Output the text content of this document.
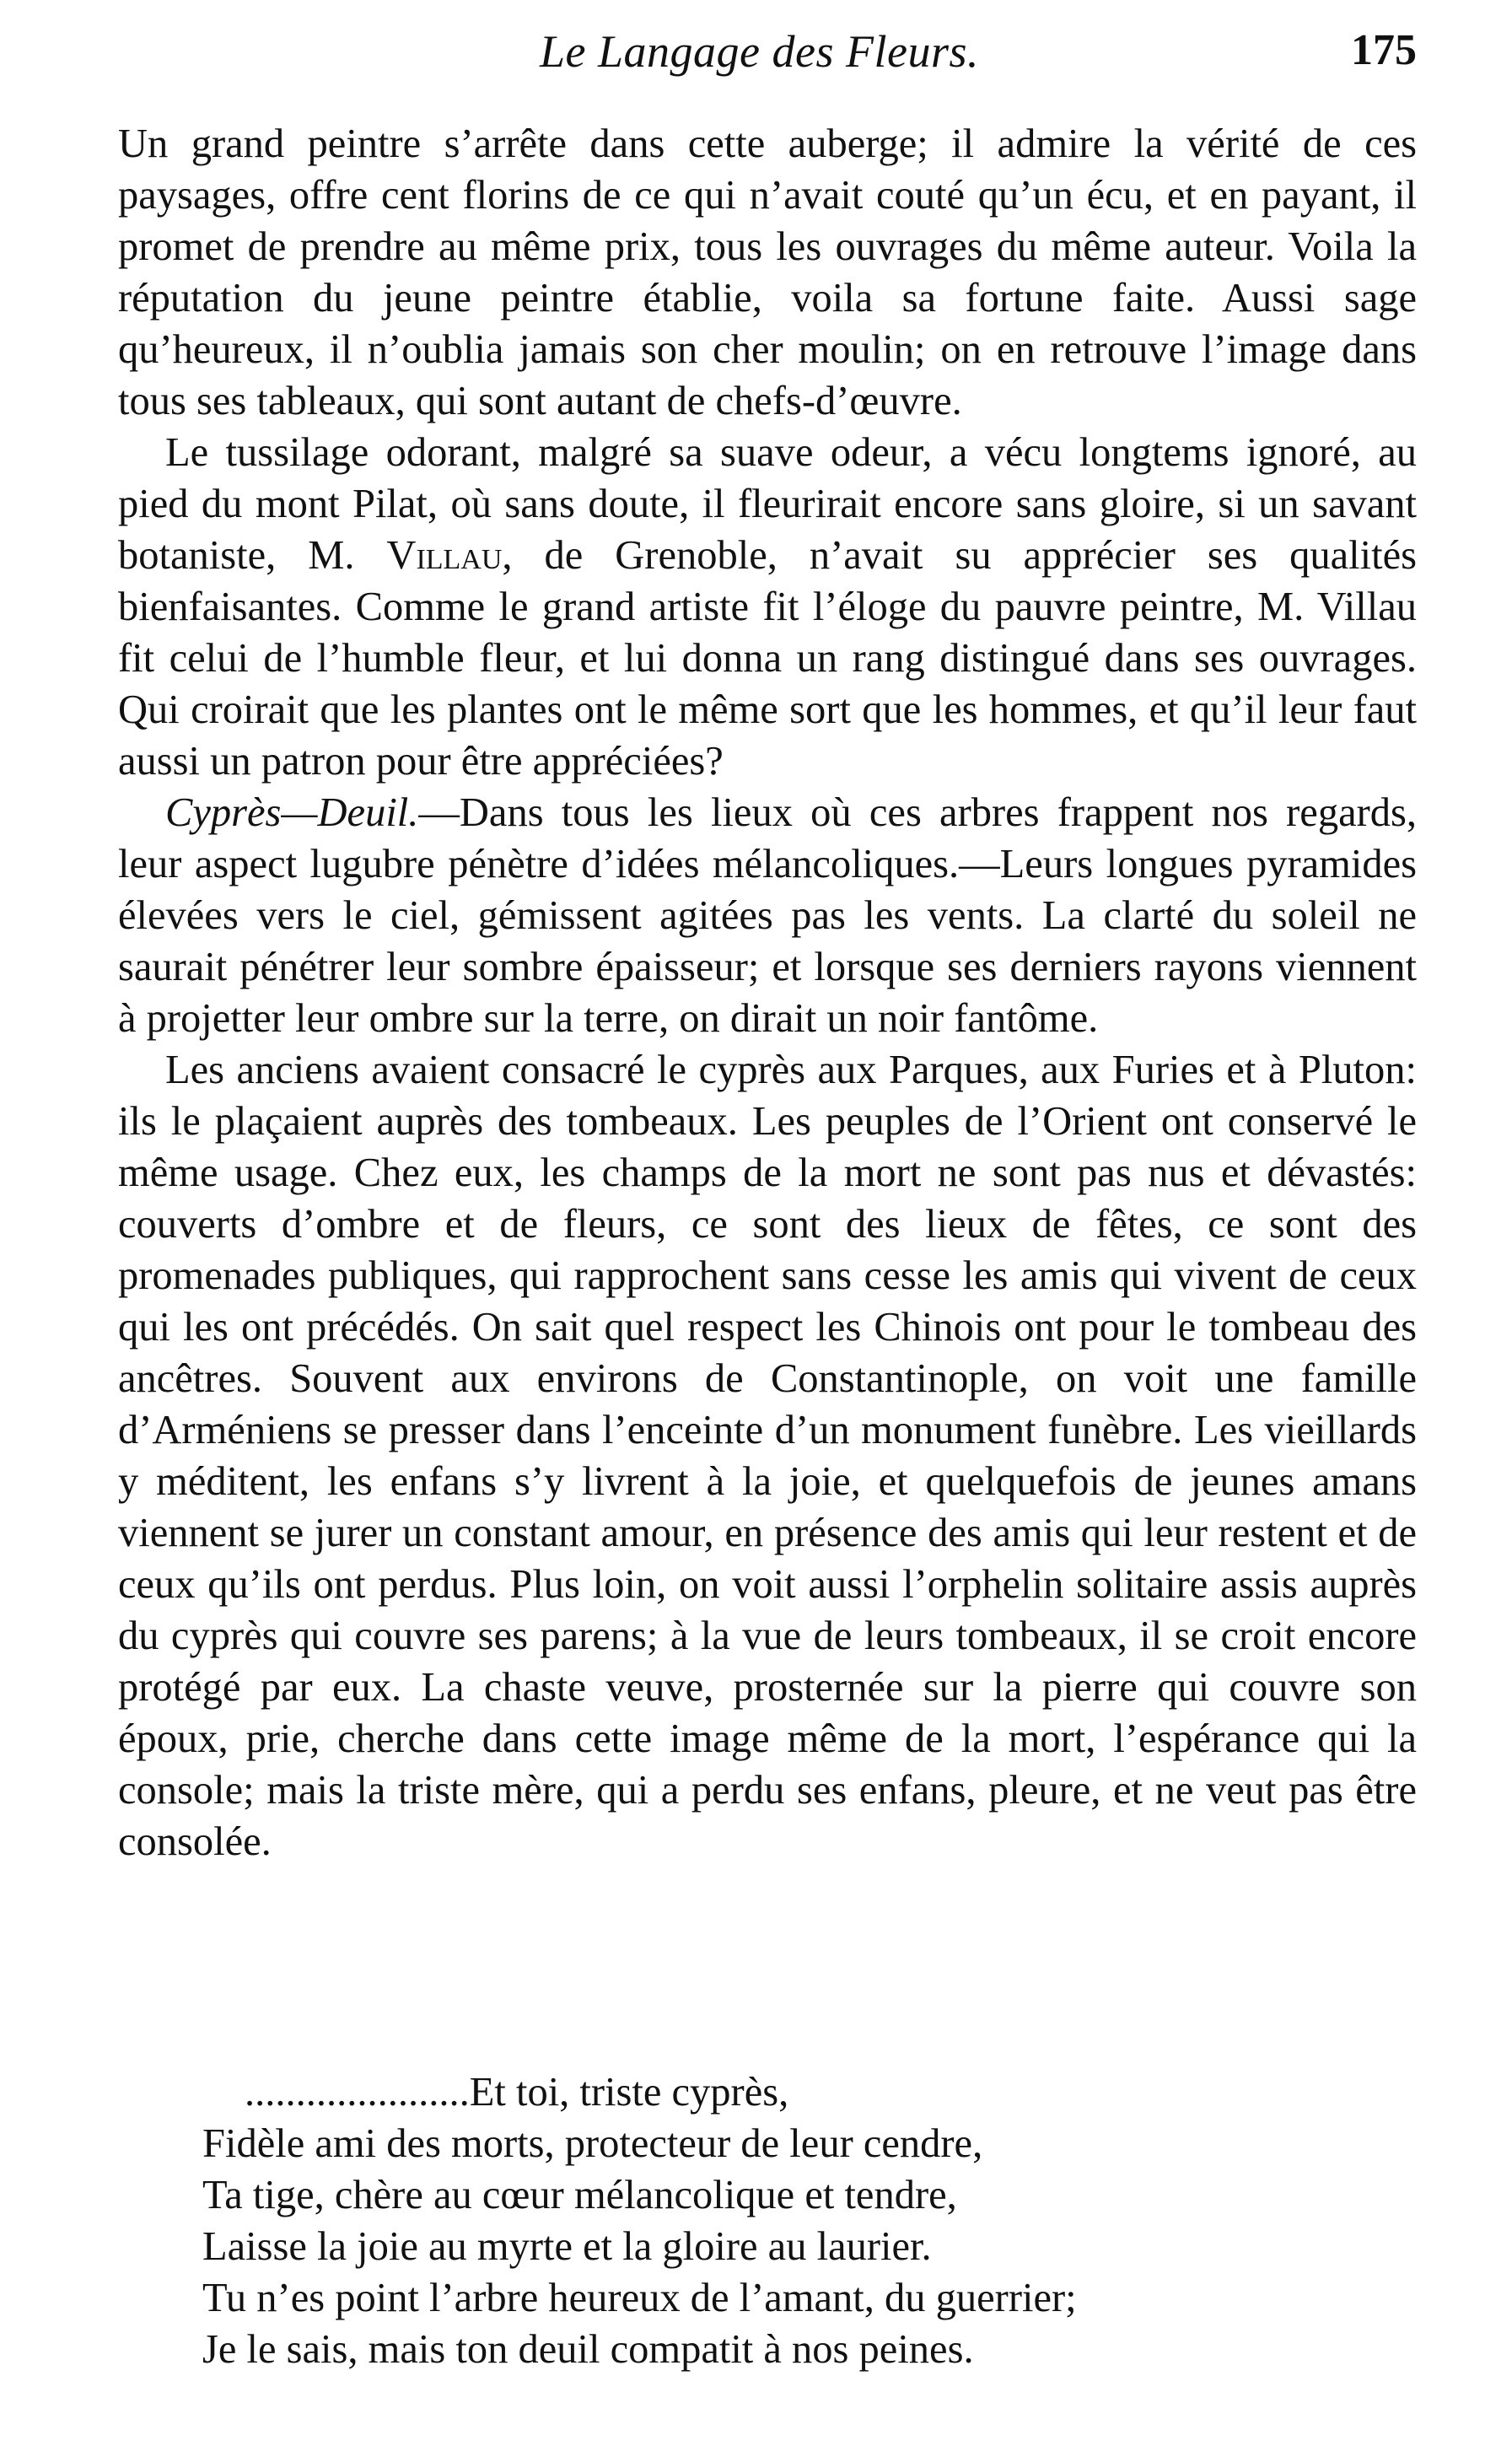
Le Langage des Fleurs.	175

Un grand peintre s’arrête dans cette auberge; il admire la vérité de ces paysages, offre cent florins de ce qui n’avait couté qu’un écu, et en payant, il promet de prendre au même prix, tous les ouvrages du même auteur. Voila la réputation du jeune peintre établie, voila sa fortune faite. Aussi sage qu’heureux, il n’oublia jamais son cher moulin; on en retrouve l’image dans tous ses tableaux, qui sont autant de chefs-d’œuvre.

Le tussilage odorant, malgré sa suave odeur, a vécu longtems ignoré, au pied du mont Pilat, où sans doute, il fleurirait encore sans gloire, si un savant botaniste, M. Villau, de Grenoble, n’avait su apprécier ses qualités bienfaisantes. Comme le grand artiste fit l’éloge du pauvre peintre, M. Villau fit celui de l’humble fleur, et lui donna un rang distingué dans ses ouvrages. Qui croirait que les plantes ont le même sort que les hommes, et qu’il leur faut aussi un patron pour être appréciées?

Cyprès—Deuil.—Dans tous les lieux où ces arbres frappent nos regards, leur aspect lugubre pénètre d’idées mélancoliques.—Leurs longues pyramides élevées vers le ciel, gémissent agitées pas les vents. La clarté du soleil ne saurait pénétrer leur sombre épaisseur; et lorsque ses derniers rayons viennent à projetter leur ombre sur la terre, on dirait un noir fantôme.

Les anciens avaient consacré le cyprès aux Parques, aux Furies et à Pluton: ils le plaçaient auprès des tombeaux. Les peuples de l’Orient ont conservé le même usage. Chez eux, les champs de la mort ne sont pas nus et dévastés: couverts d’ombre et de fleurs, ce sont des lieux de fêtes, ce sont des promenades publiques, qui rapprochent sans cesse les amis qui vivent de ceux qui les ont précédés. On sait quel respect les Chinois ont pour le tombeau des ancêtres. Souvent aux environs de Constantinople, on voit une famille d’Arméniens se presser dans l’enceinte d’un monument funèbre. Les vieillards y méditent, les enfans s’y livrent à la joie, et quelquefois de jeunes amans viennent se jurer un constant amour, en présence des amis qui leur restent et de ceux qu’ils ont perdus. Plus loin, on voit aussi l’orphelin solitaire assis auprès du cyprès qui couvre ses parens; à la vue de leurs tombeaux, il se croit encore protégé par eux. La chaste veuve, prosternée sur la pierre qui couvre son époux, prie, cherche dans cette image même de la mort, l’espérance qui la console; mais la triste mère, qui a perdu ses enfans, pleure, et ne veut pas être consolée.

......................Et toi, triste cyprès,
Fidèle ami des morts, protecteur de leur cendre,
Ta tige, chère au cœur mélancolique et tendre,
Laisse la joie au myrte et la gloire au laurier.
Tu n’es point l’arbre heureux de l’amant, du guerrier;
Je le sais, mais ton deuil compatit à nos peines.
